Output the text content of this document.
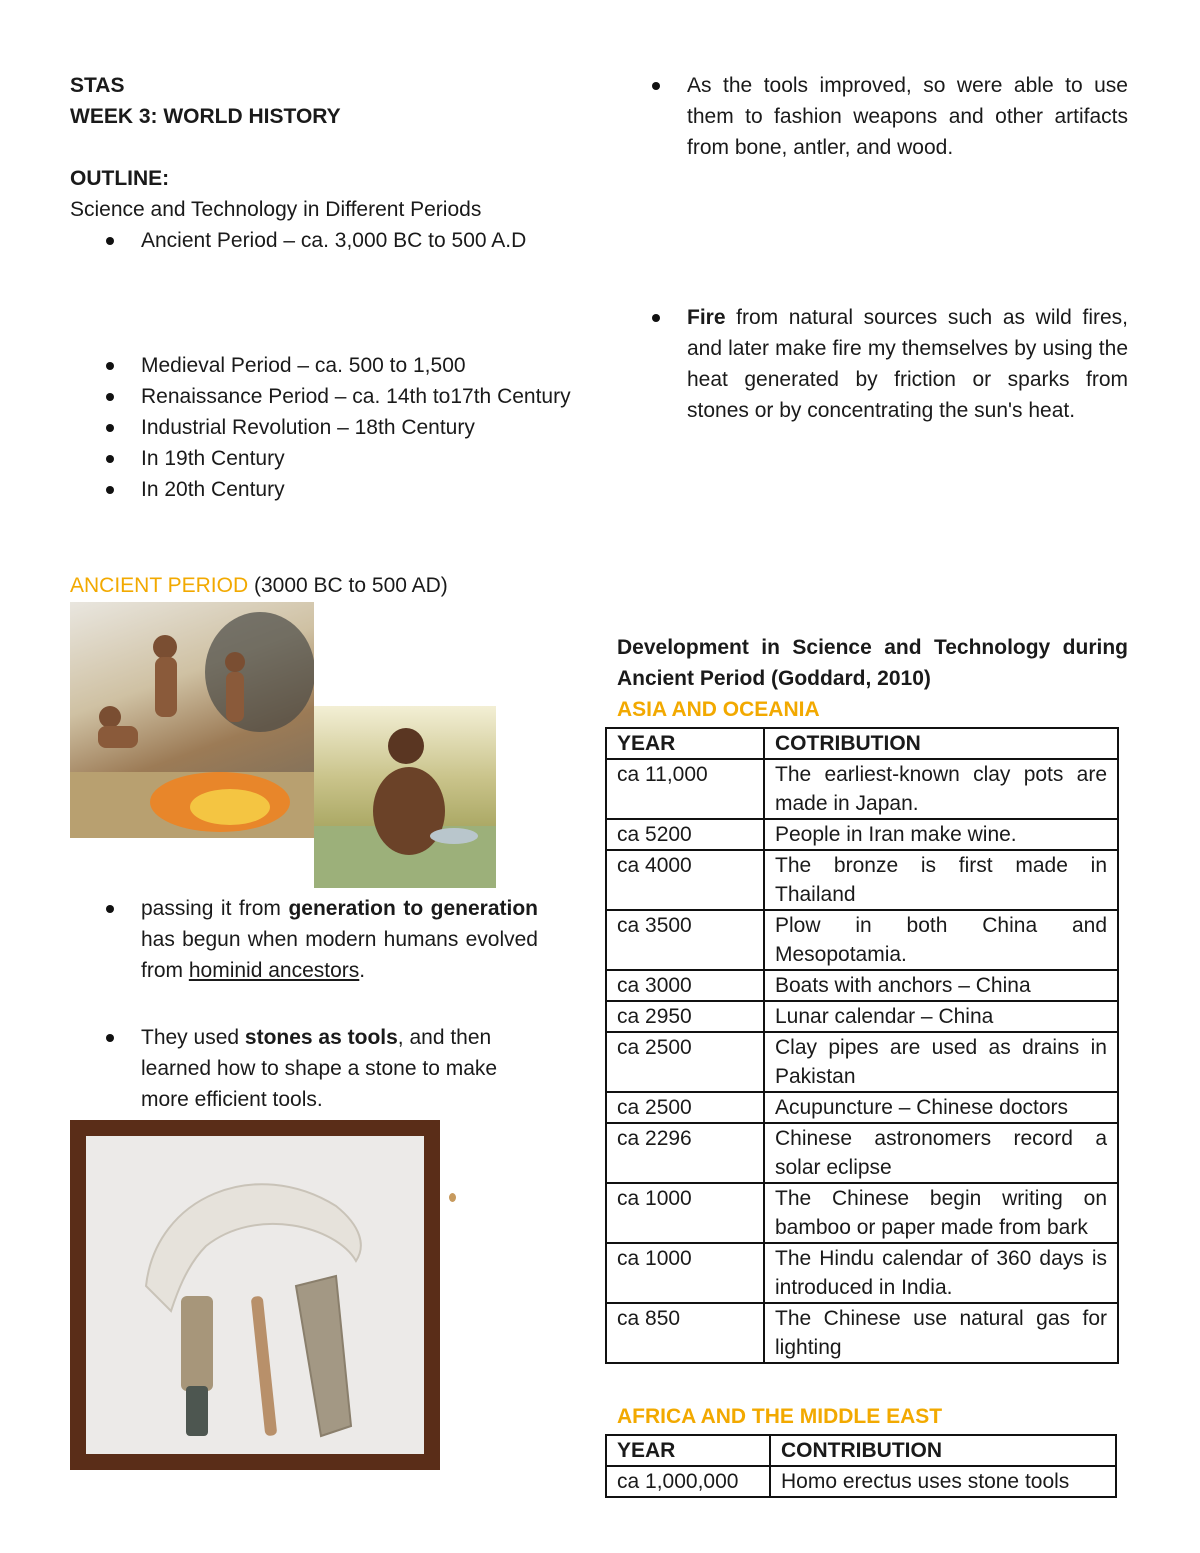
STAS
WEEK 3: WORLD HISTORY
OUTLINE:
Science and Technology in Different Periods
Ancient Period – ca. 3,000 BC to 500 A.D
Medieval Period – ca. 500 to 1,500
Renaissance Period – ca. 14th to17th Century
Industrial Revolution – 18th Century
In 19th Century
In 20th Century
ANCIENT PERIOD (3000 BC to 500 AD)
passing it from generation to generation has begun when modern humans evolved from hominid ancestors.
They used stones as tools, and then learned how to shape a stone to make more efficient tools.
As the tools improved, so were able to use them to fashion weapons and other artifacts from bone, antler, and wood.
Fire from natural sources such as wild fires, and later make fire my themselves by using the heat generated by friction or sparks from stones or by concentrating the sun's heat.
Development in Science and Technology during Ancient Period (Goddard, 2010)
ASIA AND OCEANIA
YEAR	COTRIBUTION
ca 11,000	The earliest-known clay pots are made in Japan.
ca 5200	People in Iran make wine.
ca 4000	The bronze is first made in Thailand
ca 3500	Plow in both China and Mesopotamia.
ca 3000	Boats with anchors – China
ca 2950	Lunar calendar – China
ca 2500	Clay pipes are used as drains in Pakistan
ca 2500	Acupuncture – Chinese doctors
ca 2296	Chinese astronomers record a solar eclipse
ca 1000	The Chinese begin writing on bamboo or paper made from bark
ca 1000	The Hindu calendar of 360 days is introduced in India.
ca 850	The Chinese use natural gas for lighting
AFRICA AND THE MIDDLE EAST
YEAR	CONTRIBUTION
ca 1,000,000	Homo erectus uses stone tools
